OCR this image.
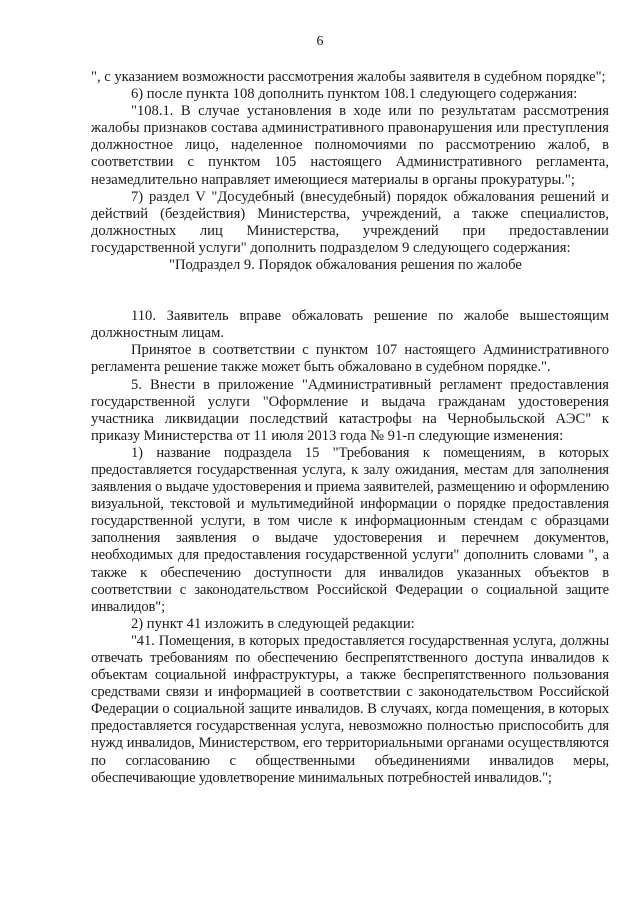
6

", с указанием возможности рассмотрения жалобы заявителя в судебном порядке";

6) после пункта 108 дополнить пунктом 108.1 следующего содержания:

"108.1. В случае установления в ходе или по результатам рассмотрения жалобы признаков состава административного правонарушения или преступления должностное лицо, наделенное полномочиями по рассмотрению жалоб, в соответствии с пунктом 105 настоящего Административного регламента, незамедлительно направляет имеющиеся материалы в органы прокуратуры.";

7) раздел V "Досудебный (внесудебный) порядок обжалования решений и действий (бездействия) Министерства, учреждений, а также специалистов, должностных лиц Министерства, учреждений при предоставлении государственной услуги" дополнить подразделом 9 следующего содержания:

"Подраздел 9. Порядок обжалования решения по жалобе

110. Заявитель вправе обжаловать решение по жалобе вышестоящим должностным лицам.

Принятое в соответствии с пунктом 107 настоящего Административного регламента решение также может быть обжаловано в судебном порядке.".

5. Внести в приложение "Административный регламент предоставления государственной услуги "Оформление и выдача гражданам удостоверения участника ликвидации последствий катастрофы на Чернобыльской АЭС" к приказу Министерства от 11 июля 2013 года № 91-п следующие изменения:

1) название подраздела 15 "Требования к помещениям, в которых предоставляется государственная услуга, к залу ожидания, местам для заполнения заявления о выдаче удостоверения и приема заявителей, размещению и оформлению визуальной, текстовой и мультимедийной информации о порядке предоставления государственной услуги, в том числе к информационным стендам с образцами заполнения заявления о выдаче удостоверения и перечнем документов, необходимых для предоставления государственной услуги" дополнить словами ", а также к обеспечению доступности для инвалидов указанных объектов в соответствии с законодательством Российской Федерации о социальной защите инвалидов";

2) пункт 41 изложить в следующей редакции:

"41. Помещения, в которых предоставляется государственная услуга, должны отвечать требованиям по обеспечению беспрепятственного доступа инвалидов к объектам социальной инфраструктуры, а также беспрепятственного пользования средствами связи и информацией в соответствии с законодательством Российской Федерации о социальной защите инвалидов. В случаях, когда помещения, в которых предоставляется государственная услуга, невозможно полностью приспособить для нужд инвалидов, Министерством, его территориальными органами осуществляются по согласованию с общественными объединениями инвалидов меры, обеспечивающие удовлетворение минимальных потребностей инвалидов.";
